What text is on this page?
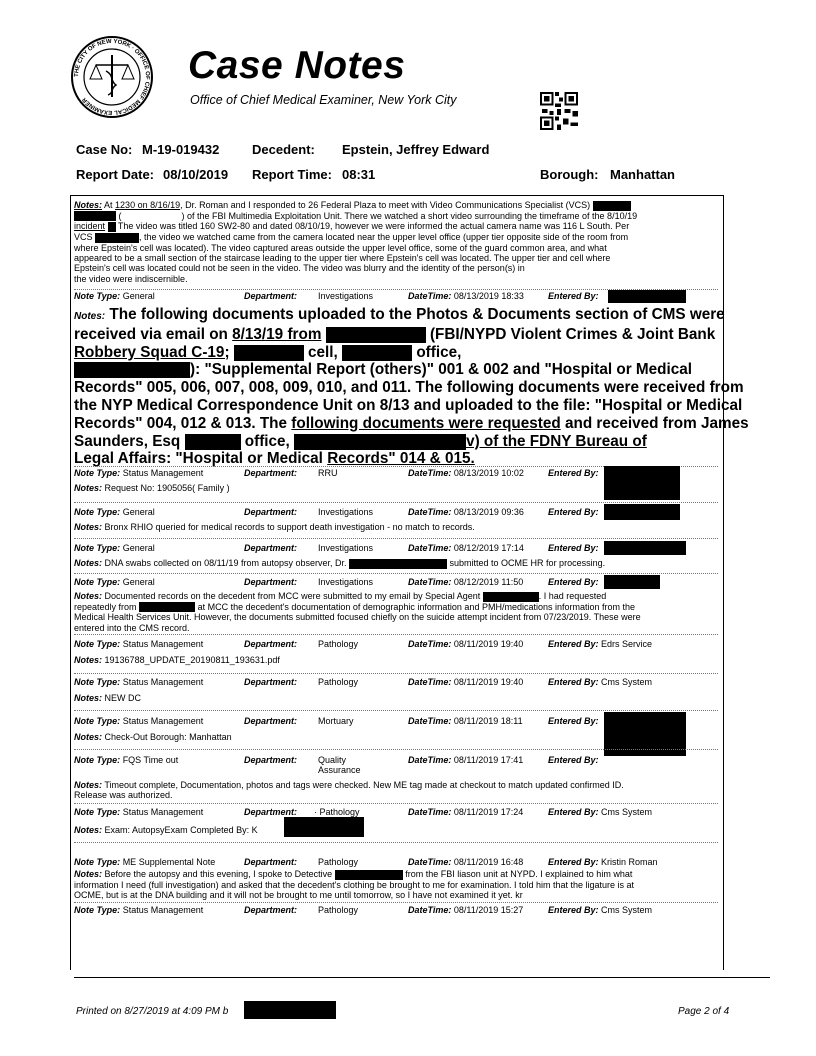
THE CITY OF NEW YORK · OFFICE OF CHIEF MEDICAL EXAMINER
Case Notes
Office of Chief Medical Examiner, New York City
Case No: M-19-019432	Decedent: Epstein, Jeffrey Edward
Report Date: 08/10/2019 Report Time: 08:31	Borough: Manhattan
Notes: At 1230 on 8/16/19, Dr. Roman and I responded to 26 Federal Plaza to meet with Video Communications Specialist (VCS)
(	) of the FBI Multimedia Exploitation Unit. There we watched a short video surrounding the timeframe of the 8/10/19
incident The video was titled 160 SW2-80 and dated 08/10/19, however we were informed the actual camera name was 116 L South. Per
VCS	, the video we watched came from the camera located near the upper level office (upper tier opposite side of the room from
where Epstein's cell was located). The video captured areas outside the upper level office, some of the guard common area, and what
appeared to be a small section of the staircase leading to the upper tier where Epstein's cell was located. The upper tier and cell where
Epstein's cell was located could not be seen in the video. The video was blurry and the identity of the person(s) in
the video were indiscernible.
Note Type: General	Department: Investigations	DateTime: 08/13/2019 18:33	Entered By:
Notes: The following documents uploaded to the Photos & Documents section of CMS were
received via email on 8/13/19 from	(FBI/NYPD Violent Crimes & Joint Bank
Robbery Squad C-19;	cell,	office,
): "Supplemental Report (others)" 001 & 002 and "Hospital or Medical
Records" 005, 006, 007, 008, 009, 010, and 011. The following documents were received from
the NYP Medical Correspondence Unit on 8/13 and uploaded to the file: "Hospital or Medical
Records" 004, 012 & 013. The following documents were requested and received from James
Saunders, Esq	office,	v) of the FDNY Bureau of
Legal Affairs: "Hospital or Medical Records" 014 & 015.
Note Type: Status Management	Department: RRU	DateTime: 08/13/2019 10:02	Entered By:
Notes: Request No: 1905056( Family )
Note Type: General	Department: Investigations	DateTime: 08/13/2019 09:36	Entered By:
Notes: Bronx RHIO queried for medical records to support death investigation - no match to records.
Note Type: General	Department: Investigations	DateTime: 08/12/2019 17:14	Entered By:
Notes: DNA swabs collected on 08/11/19 from autopsy observer, Dr.	submitted to OCME HR for processing.
Note Type: General	Department: Investigations	DateTime: 08/12/2019 11:50	Entered By:
Notes: Documented records on the decedent from MCC were submitted to my email by Special Agent	. I had requested
repeatedly from	at MCC the decedent's documentation of demographic information and PMH/medications information from the
Medical Health Services Unit. However, the documents submitted focused chiefly on the suicide attempt incident from 07/23/2019. These were
entered into the CMS record.
Note Type: Status Management	Department: Pathology	DateTime: 08/11/2019 19:40	Entered By: Edrs Service
Notes: 19136788_UPDATE_20190811_193631.pdf
Note Type: Status Management	Department: Pathology	DateTime: 08/11/2019 19:40	Entered By: Cms System
Notes: NEW DC
Note Type: Status Management	Department: Mortuary	DateTime: 08/11/2019 18:11	Entered By:
Notes: Check-Out Borough: Manhattan
Note Type: FQS Time out	Department: Quality
Assurance
DateTime: 08/11/2019 17:41	Entered By:
Notes: Timeout complete, Documentation, photos and tags were checked. New ME tag made at checkout to match updated confirmed ID.
Release was authorized.
Note Type: Status Management	Department: · Pathology	DateTime: 08/11/2019 17:24	Entered By: Cms System
Notes: Exam: AutopsyExam Completed By: K
Note Type: ME Supplemental Note	Department: Pathology	DateTime: 08/11/2019 16:48	Entered By: Kristin Roman
Notes: Before the autopsy and this evening, I spoke to Detective	from the FBI liason unit at NYPD. I explained to him what
information I need (full investigation) and asked that the decedent's clothing be brought to me for examination. I told him that the ligature is at
OCME, but is at the DNA building and it will not be brought to me until tomorrow, so I have not examined it yet. kr
Note Type: Status Management	Department: Pathology	DateTime: 08/11/2019 15:27	Entered By: Cms System
Printed on 8/27/2019 at 4:09 PM b	Page 2 of 4
